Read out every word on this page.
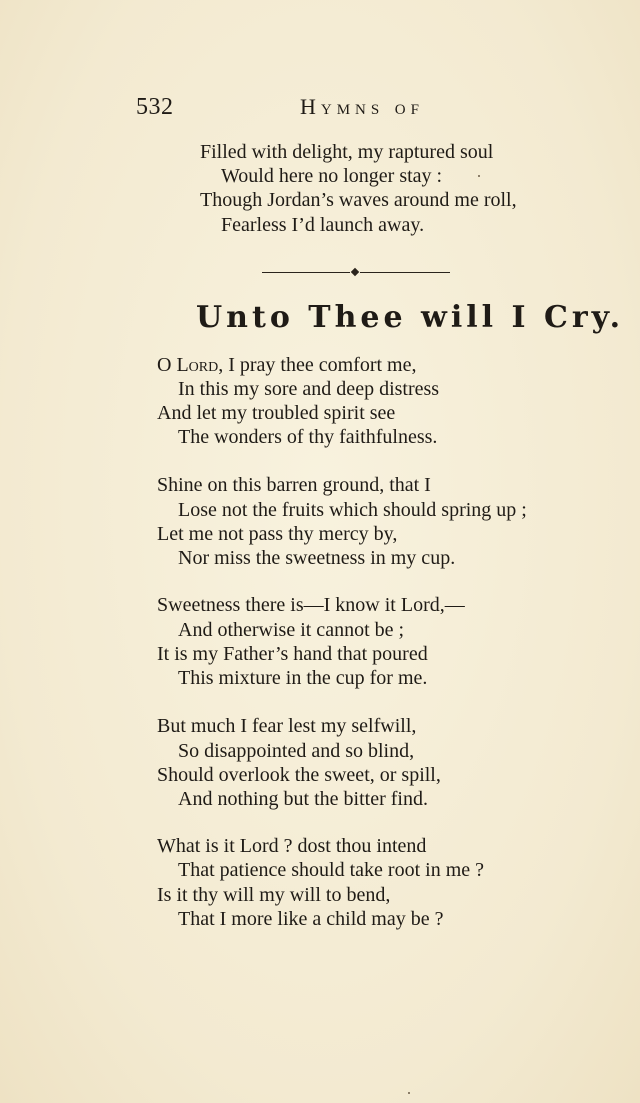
532	Hymns of
Filled with delight, my raptured soul
Would here no longer stay :
Though Jordan’s waves around me roll,
Fearless I’d launch away.
Unto Thee will I Cry.
O Lord, I pray thee comfort me,
In this my sore and deep distress
And let my troubled spirit see
The wonders of thy faithfulness.
Shine on this barren ground, that I
Lose not the fruits which should spring up ;
Let me not pass thy mercy by,
Nor miss the sweetness in my cup.
Sweetness there is—I know it Lord,—
And otherwise it cannot be ;
It is my Father’s hand that poured
This mixture in the cup for me.
But much I fear lest my selfwill,
So disappointed and so blind,
Should overlook the sweet, or spill,
And nothing but the bitter find.
What is it Lord ? dost thou intend
That patience should take root in me ?
Is it thy will my will to bend,
That I more like a child may be ?
